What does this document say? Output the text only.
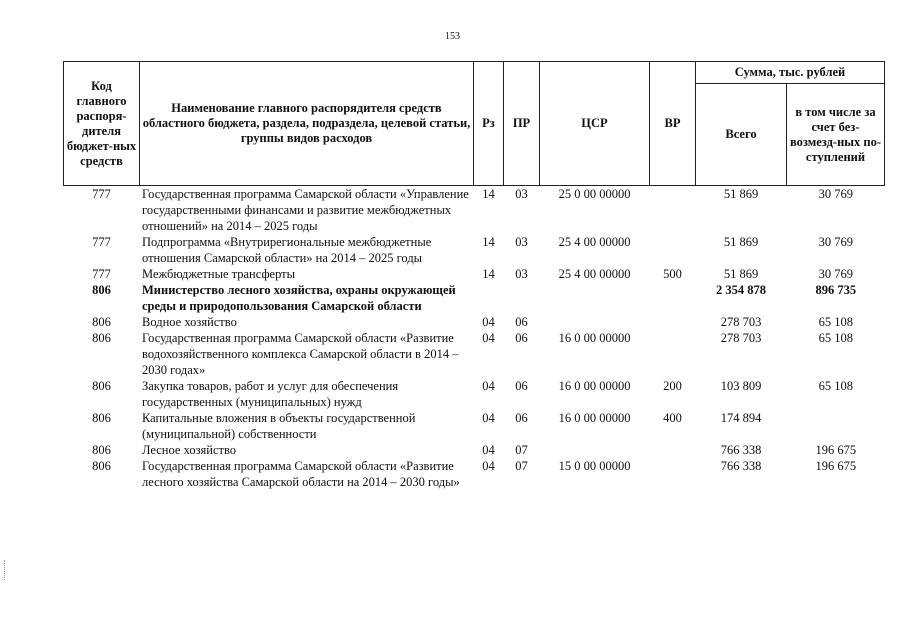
153
Код главного распоря-дителя бюджет-ных средств	Наименование главного распорядителя средств областного бюджета, раздела, подраздела, целевой статьи, группы видов расходов	Рз	ПР	ЦСР	ВР	Сумма, тыс. рублей	
						Всего	в том числе за счет без-возмезд-ных по-ступлений
777	Государственная программа Самарской области «Управление государственными финансами и развитие межбюджетных отношений» на 2014 – 2025 годы	14	03	25 0 00 00000		51 869	30 769
777	Подпрограмма «Внутрирегиональные межбюджетные отношения Самарской области» на 2014 – 2025 годы	14	03	25 4 00 00000		51 869	30 769
777	Межбюджетные трансферты	14	03	25 4 00 00000	500	51 869	30 769
806	Министерство лесного хозяйства, охраны окружающей среды и природопользования Самарской области					2 354 878	896 735
806	Водное хозяйство	04	06			278 703	65 108
806	Государственная программа Самарской области «Развитие водохозяйственного комплекса Самарской области в 2014 – 2030 годах»	04	06	16 0 00 00000		278 703	65 108
806	Закупка товаров, работ и услуг для обеспечения государственных (муниципальных) нужд	04	06	16 0 00 00000	200	103 809	65 108
806	Капитальные вложения в объекты государственной (муниципальной) собственности	04	06	16 0 00 00000	400	174 894	
806	Лесное хозяйство	04	07			766 338	196 675
806	Государственная программа Самарской области «Развитие лесного хозяйства Самарской области на 2014 – 2030 годы»	04	07	15 0 00 00000		766 338	196 675
